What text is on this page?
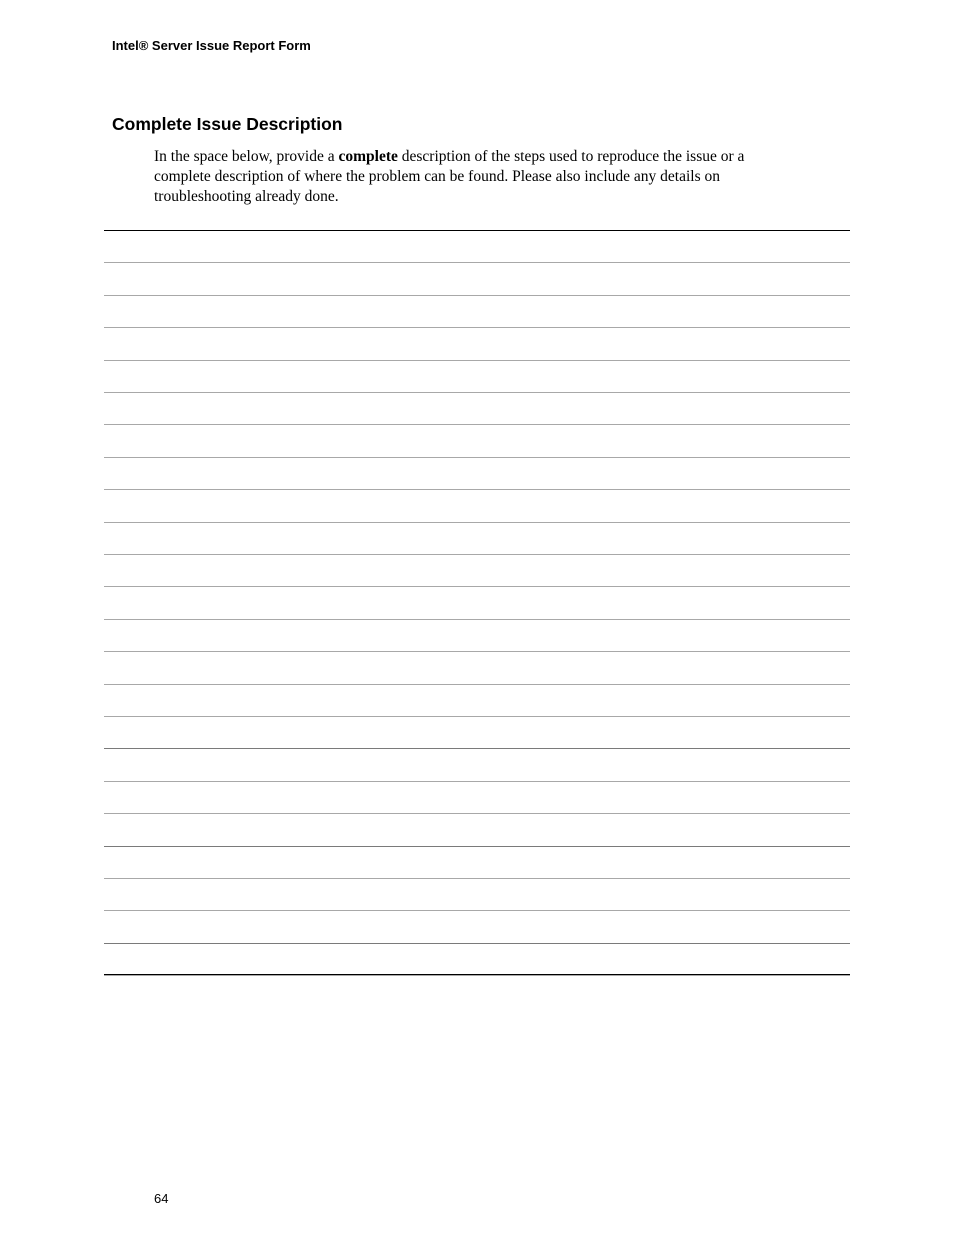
Intel® Server Issue Report Form
Complete Issue Description
In the space below, provide a complete description of the steps used to reproduce the issue or a
complete description of where the problem can be found. Please also include any details on
troubleshooting already done.
64
